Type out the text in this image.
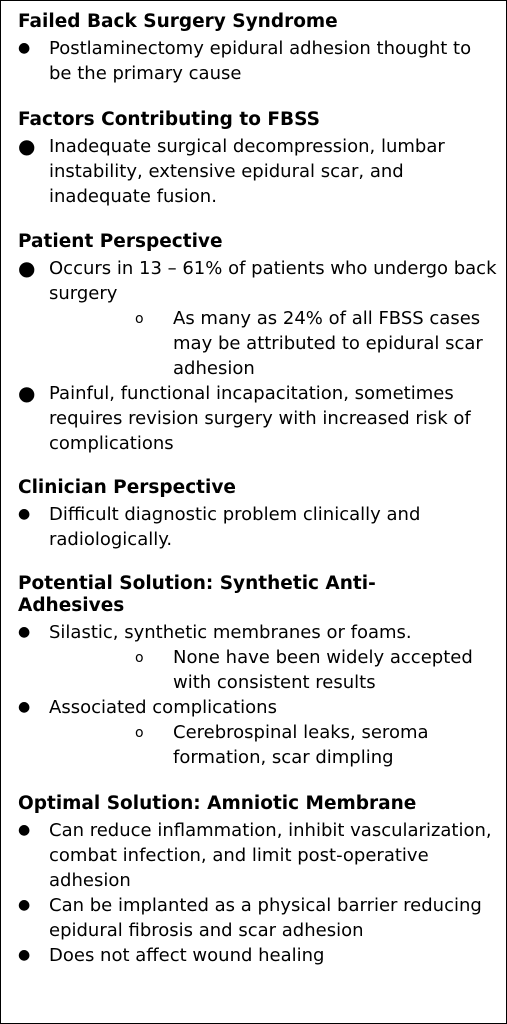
Failed Back Surgery Syndrome

●	Postlaminectomy epidural adhesion thought to be the primary cause

Factors Contributing to FBSS

● Inadequate surgical decompression, lumbar instability, extensive epidural scar, and inadequate fusion.

Patient Perspective

● Occurs in 13 – 61% of patients who undergo back surgery
o As many as 24% of all FBSS cases may be attributed to epidural scar adhesion
● Painful, functional incapacitation, sometimes requires revision surgery with increased risk of complications

Clinician Perspective

●	Difficult diagnostic problem clinically and radiologically.

Potential Solution: Synthetic Anti-Adhesives

●	Silastic, synthetic membranes or foams.
o None have been widely accepted with consistent results
●	Associated complications
o Cerebrospinal leaks, seroma formation, scar dimpling

Optimal Solution: Amniotic Membrane

●	Can reduce inflammation, inhibit vascularization, combat infection, and limit post-operative adhesion
●	Can be implanted as a physical barrier reducing epidural fibrosis and scar adhesion
●	Does not affect wound healing
